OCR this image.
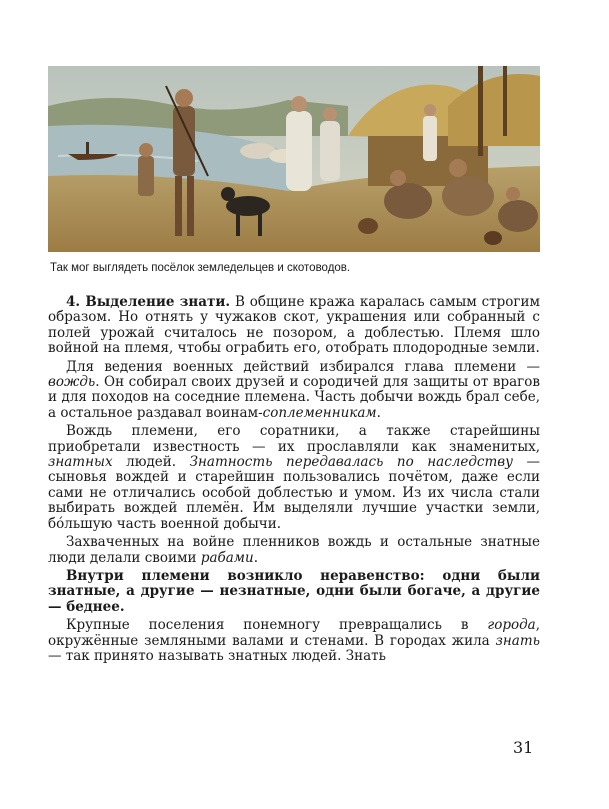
Так мог выглядеть посёлок земледельцев и скотоводов.

4. Выделение знати. В общине кража каралась самым строгим образом. Но отнять у чужаков скот, украшения или собранный с полей урожай считалось не позором, а доблестью. Племя шло войной на племя, чтобы ограбить его, отобрать плодородные земли.

Для ведения военных действий избирался глава племени — вождь. Он собирал своих друзей и сородичей для защиты от врагов и для походов на соседние племена. Часть добычи вождь брал себе, а остальное раздавал воинам-соплеменникам.

Вождь племени, его соратники, а также старейшины приобретали известность — их прославляли как знаменитых, знатных людей. Знатность передавалась по наследству — сыновья вождей и старейшин пользовались почётом, даже если сами не отличались особой доблестью и умом. Из их числа стали выбирать вождей племён. Им выделяли лучшие участки земли, бóльшую часть военной добычи.

Захваченных на войне пленников вождь и остальные знатные люди делали своими рабами.

Внутри племени возникло неравенство: одни были знатные, а другие — незнатные, одни были богаче, а другие — беднее.

Крупные поселения понемногу превращались в города, окружённые земляными валами и стенами. В городах жила знать — так принято называть знатных людей. Знать

31
